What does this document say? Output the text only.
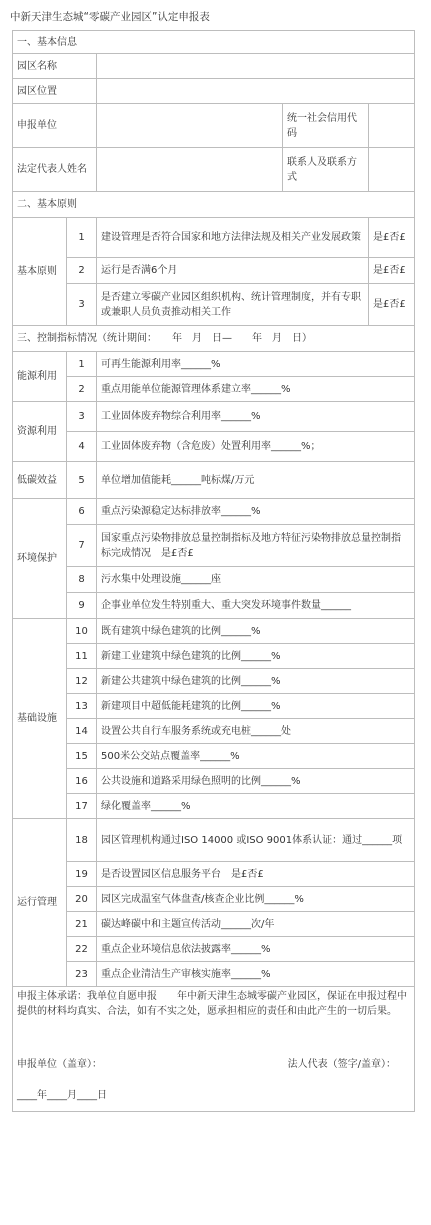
中新天津生态城“零碳产业园区”认定申报表
一、基本信息				
园区名称				
园区位置				
申报单位			统一社会信用代码	
法定代表人姓名			联系人及联系方式	
二、基本原则				
基本原则	1	建设管理是否符合国家和地方法律法规及相关产业发展政策		是£否£
	2	运行是否满6个月		是£否£
	3	是否建立零碳产业园区组织机构、统计管理制度，并有专职或兼职人员负责推动相关工作		是£否£
三、控制指标情况（统计期间：　　年　月　日—　　年　月　日）				
能源利用	1	可再生能源利用率______%		
	2	重点用能单位能源管理体系建立率______%		
资源利用	3	工业固体废弃物综合利用率______%		
	4	工业固体废弃物（含危废）处置利用率______%；		
低碳效益	5	单位增加值能耗______吨标煤/万元		
环境保护	6	重点污染源稳定达标排放率______%		
	7	国家重点污染物排放总量控制指标及地方特征污染物排放总量控制指标完成情况　是£否£		
	8	污水集中处理设施______座		
	9	企事业单位发生特别重大、重大突发环境事件数量______		
基础设施	10	既有建筑中绿色建筑的比例______%		
	11	新建工业建筑中绿色建筑的比例______%		
	12	新建公共建筑中绿色建筑的比例______%		
	13	新建项目中超低能耗建筑的比例______%		
	14	设置公共自行车服务系统或充电桩______处		
	15	500米公交站点覆盖率______%		
	16	公共设施和道路采用绿色照明的比例______%		
	17	绿化覆盖率______%		
运行管理	18	园区管理机构通过ISO 14000 或ISO 9001体系认证：通过______项		
	19	是否设置园区信息服务平台　是£否£		
	20	园区完成温室气体盘查/核查企业比例______%		
	21	碳达峰碳中和主题宣传活动______次/年		
	22	重点企业环境信息依法披露率______%		
	23	重点企业清洁生产审核实施率______%		

申报主体承诺：我单位自愿申报　　年中新天津生态城零碳产业园区，保证在申报过程中提供的材料均真实、合法，如有不实之处，愿承担相应的责任和由此产生的一切后果。
申报单位（盖章）： 法人代表（签字/盖章）：
____年____月____日				
